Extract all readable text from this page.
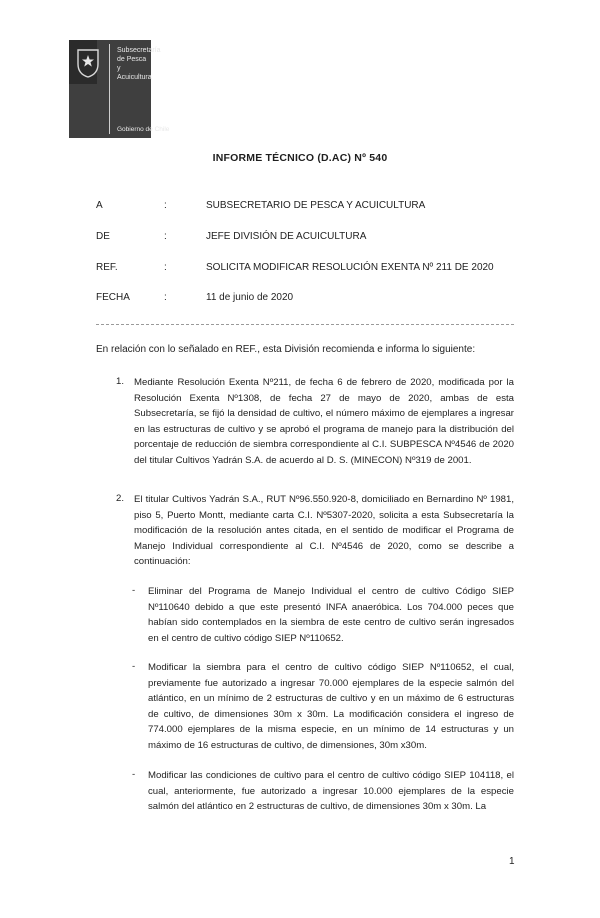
Subsecretaría
de Pesca y
Acuicultura
Gobierno de Chile
INFORME TÉCNICO (D.AC) Nº 540
A	:	SUBSECRETARIO DE PESCA Y ACUICULTURA
DE	:	JEFE DIVISIÓN DE ACUICULTURA
REF.	:	SOLICITA MODIFICAR RESOLUCIÓN EXENTA Nº 211 DE 2020
FECHA	:	11 de junio de 2020
En relación con lo señalado en REF., esta División recomienda e informa lo siguiente:
1. Mediante Resolución Exenta Nº211, de fecha 6 de febrero de 2020, modificada por la Resolución Exenta Nº1308, de fecha 27 de mayo de 2020, ambas de esta Subsecretaría, se fijó la densidad de cultivo, el número máximo de ejemplares a ingresar en las estructuras de cultivo y se aprobó el programa de manejo para la distribución del porcentaje de reducción de siembra correspondiente al C.I. SUBPESCA Nº4546 de 2020 del titular Cultivos Yadrán S.A. de acuerdo al D. S. (MINECON) Nº319 de 2001.
2. El titular Cultivos Yadrán S.A., RUT Nº96.550.920-8, domiciliado en Bernardino Nº 1981, piso 5, Puerto Montt, mediante carta C.I. Nº5307-2020, solicita a esta Subsecretaría la modificación de la resolución antes citada, en el sentido de modificar el Programa de Manejo Individual correspondiente al C.I. Nº4546 de 2020, como se describe a continuación:
- Eliminar del Programa de Manejo Individual el centro de cultivo Código SIEP Nº110640 debido a que este presentó INFA anaeróbica. Los 704.000 peces que habían sido contemplados en la siembra de este centro de cultivo serán ingresados en el centro de cultivo código SIEP Nº110652.
- Modificar la siembra para el centro de cultivo código SIEP Nº110652, el cual, previamente fue autorizado a ingresar 70.000 ejemplares de la especie salmón del atlántico, en un mínimo de 2 estructuras de cultivo y en un máximo de 6 estructuras de cultivo, de dimensiones 30m x 30m. La modificación considera el ingreso de 774.000 ejemplares de la misma especie, en un mínimo de 14 estructuras y un máximo de 16 estructuras de cultivo, de dimensiones, 30m x30m.
- Modificar las condiciones de cultivo para el centro de cultivo código SIEP 104118, el cual, anteriormente, fue autorizado a ingresar 10.000 ejemplares de la especie salmón del atlántico en 2 estructuras de cultivo, de dimensiones 30m x 30m. La
1
